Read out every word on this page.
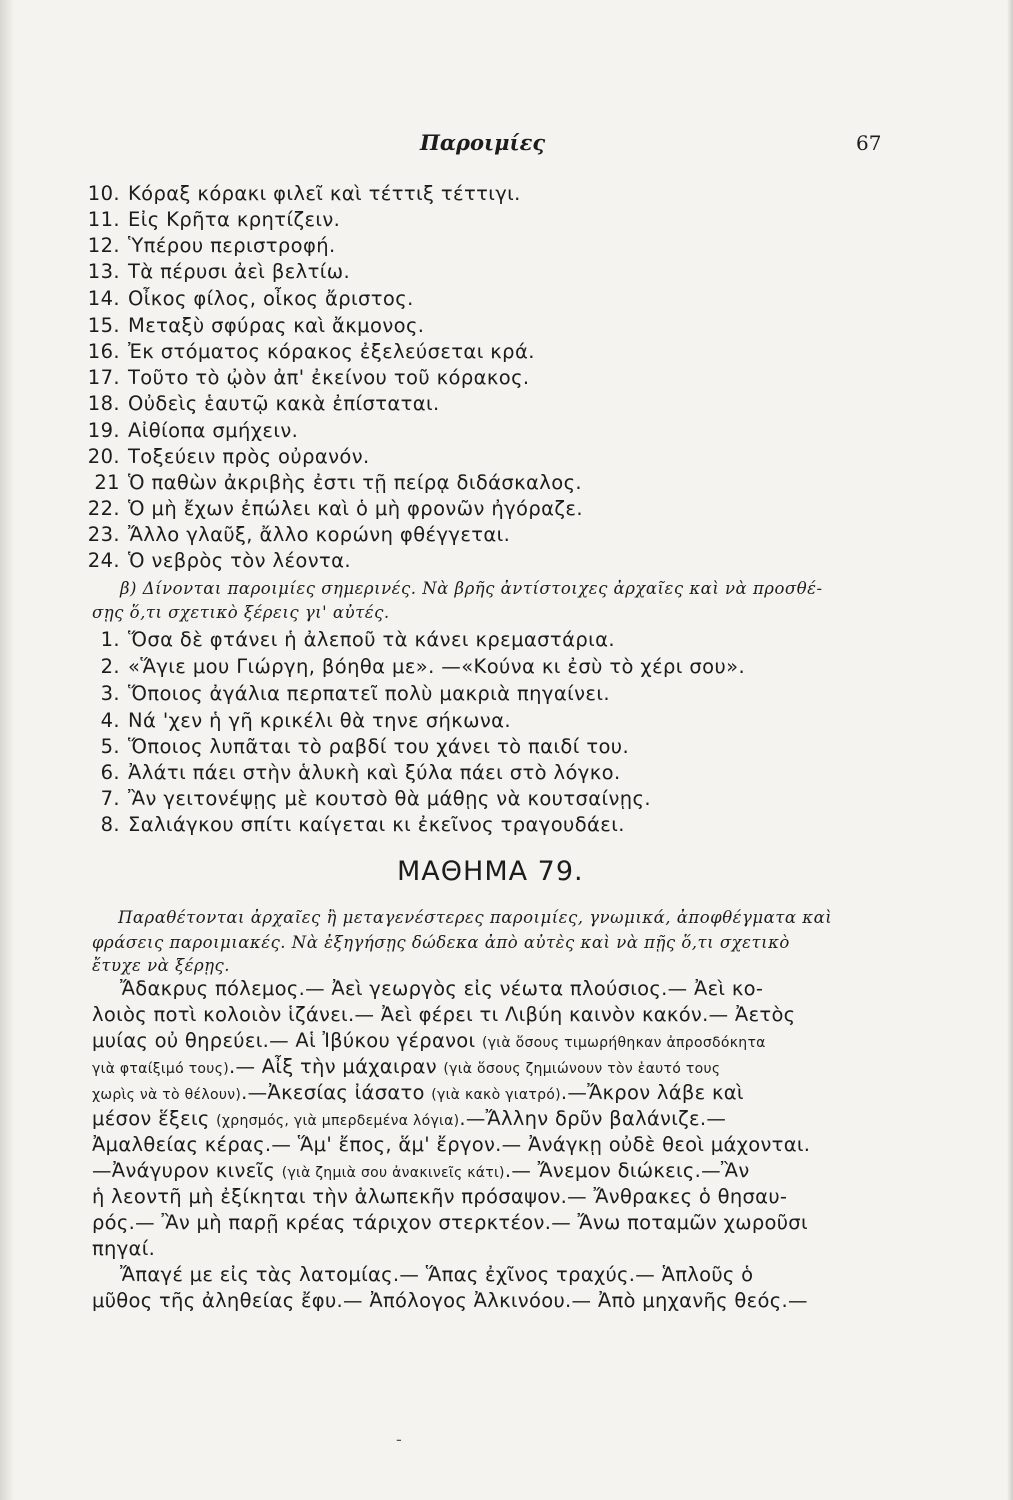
Παροιμίες	67
10. Κόραξ κόρακι φιλεῖ καὶ τέττιξ τέττιγι.
11. Εἰς Κρῆτα κρητίζειν.
12. Ὑπέρου περιστροφή.
13. Τὰ πέρυσι ἀεὶ βελτίω.
14. Οἶκος φίλος, οἶκος ἄριστος.
15. Μεταξὺ σφύρας καὶ ἄκμονος.
16. Ἐκ στόματος κόρακος ἐξελεύσεται κρά.
17. Τοῦτο τὸ ᾠὸν ἀπ' ἐκείνου τοῦ κόρακος.
18. Οὐδεὶς ἑαυτῷ κακὰ ἐπίσταται.
19. Αἰθίοπα σμήχειν.
20. Τοξεύειν πρὸς οὐρανόν.
21 Ὁ παθὼν ἀκριβὴς ἐστι τῇ πείρᾳ διδάσκαλος.
22. Ὁ μὴ ἔχων ἐπώλει καὶ ὁ μὴ φρονῶν ἠγόραζε.
23. Ἄλλο γλαῦξ, ἄλλο κορώνη φθέγγεται.
24. Ὁ νεβρὸς τὸν λέοντα.
β) Δίνονται παροιμίες σημερινές. Νὰ βρῆς ἀντίστοιχες ἀρχαῖες καὶ νὰ προσθέ-
σῃς ὅ,τι σχετικὸ ξέρεις γι' αὐτές.
1. Ὅσα δὲ φτάνει ἡ ἀλεποῦ τὰ κάνει κρεμαστάρια.
2. «Ἅγιε μου Γιώργη, βόηθα με». —«Κούνα κι ἐσὺ τὸ χέρι σου».
3. Ὅποιος ἀγάλια περπατεῖ πολὺ μακριὰ πηγαίνει.
4. Νά 'χεν ἡ γῆ κρικέλι θὰ τηνε σήκωνα.
5. Ὅποιος λυπᾶται τὸ ραβδί του χάνει τὸ παιδί του.
6. Ἀλάτι πάει στὴν ἁλυκὴ καὶ ξύλα πάει στὸ λόγκο.
7. Ἂν γειτονέψῃς μὲ κουτσὸ θὰ μάθῃς νὰ κουτσαίνῃς.
8. Σαλιάγκου σπίτι καίγεται κι ἐκεῖνος τραγουδάει.
ΜΑΘΗΜΑ 79.
Παραθέτονται ἀρχαῖες ἢ μεταγενέστερες παροιμίες, γνωμικά, ἀποφθέγματα καὶ
φράσεις παροιμιακές. Νὰ ἐξηγήσῃς δώδεκα ἀπὸ αὐτὲς καὶ νὰ πῇς ὅ,τι σχετικὸ
ἔτυχε νὰ ξέρῃς.
Ἄδακρυς πόλεμος.— Ἀεὶ γεωργὸς εἰς νέωτα πλούσιος.— Ἀεὶ κο-
λοιὸς ποτὶ κολοιὸν ἱζάνει.— Ἀεὶ φέρει τι Λιβύη καινὸν κακόν.— Ἀετὸς
μυίας οὐ θηρεύει.— Αἱ Ἰβύκου γέρανοι (γιὰ ὅσους τιμωρήθηκαν ἀπροσδόκητα
γιὰ φταίξιμό τους).— Αἶξ τὴν μάχαιραν (γιὰ ὅσους ζημιώνουν τὸν ἑαυτό τους
χωρὶς νὰ τὸ θέλουν).—Ἀκεσίας ἰάσατο (γιὰ κακὸ γιατρό).—Ἄκρον λάβε καὶ
μέσον ἕξεις (χρησμός, γιὰ μπερδεμένα λόγια).—Ἄλλην δρῦν βαλάνιζε.—
Ἀμαλθείας κέρας.— Ἅμ' ἔπος, ἅμ' ἔργον.— Ἀνάγκῃ οὐδὲ θεοὶ μάχονται.
—Ἀνάγυρον κινεῖς (γιὰ ζημιὰ σου ἀνακινεῖς κάτι).— Ἄνεμον διώκεις.—Ἂν
ἡ λεοντῆ μὴ ἐξίκηται τὴν ἀλωπεκῆν πρόσαψον.— Ἄνθρακες ὁ θησαυ-
ρός.— Ἂν μὴ παρῇ κρέας τάριχον στερκτέον.— Ἄνω ποταμῶν χωροῦσι
πηγαί.
Ἄπαγέ με εἰς τὰς λατομίας.— Ἅπας ἐχῖνος τραχύς.— Ἁπλοῦς ὁ
μῦθος τῆς ἀληθείας ἔφυ.— Ἀπόλογος Ἀλκινόου.— Ἀπὸ μηχανῆς θεός.—
-
